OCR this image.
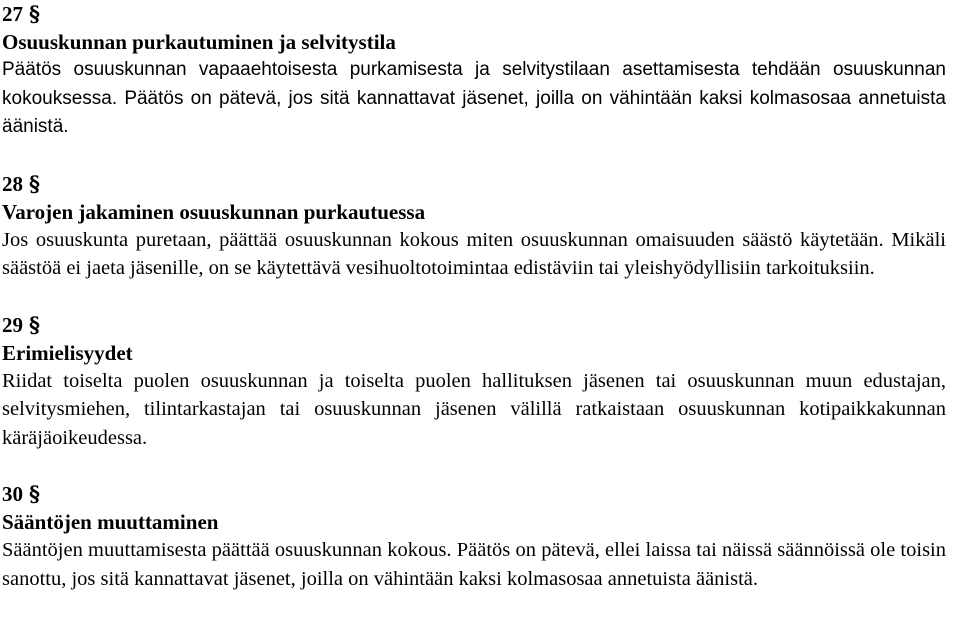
27 §
Osuuskunnan purkautuminen ja selvitystila

Päätös osuuskunnan vapaaehtoisesta purkamisesta ja selvitystilaan asettamisesta tehdään osuuskunnan kokouksessa. Päätös on pätevä, jos sitä kannattavat jäsenet, joilla on vähintään kaksi kolmasosaa annetuista äänistä.

28 §
Varojen jakaminen osuuskunnan purkautuessa

Jos osuuskunta puretaan, päättää osuuskunnan kokous miten osuuskunnan omaisuuden säästö käytetään. Mikäli säästöä ei jaeta jäsenille, on se käytettävä vesihuoltotoimintaa edistäviin tai yleishyödyllisiin tarkoituksiin.

29 §
Erimielisyydet

Riidat toiselta puolen osuuskunnan ja toiselta puolen hallituksen jäsenen tai osuuskunnan muun edustajan, selvitysmiehen, tilintarkastajan tai osuuskunnan jäsenen välillä ratkaistaan osuuskunnan kotipaikkakunnan käräjäoikeudessa.

30 §
Sääntöjen muuttaminen

Sääntöjen muuttamisesta päättää osuuskunnan kokous. Päätös on pätevä, ellei laissa tai näissä säännöissä ole toisin sanottu, jos sitä kannattavat jäsenet, joilla on vähintään kaksi kolmasosaa annetuista äänistä.
